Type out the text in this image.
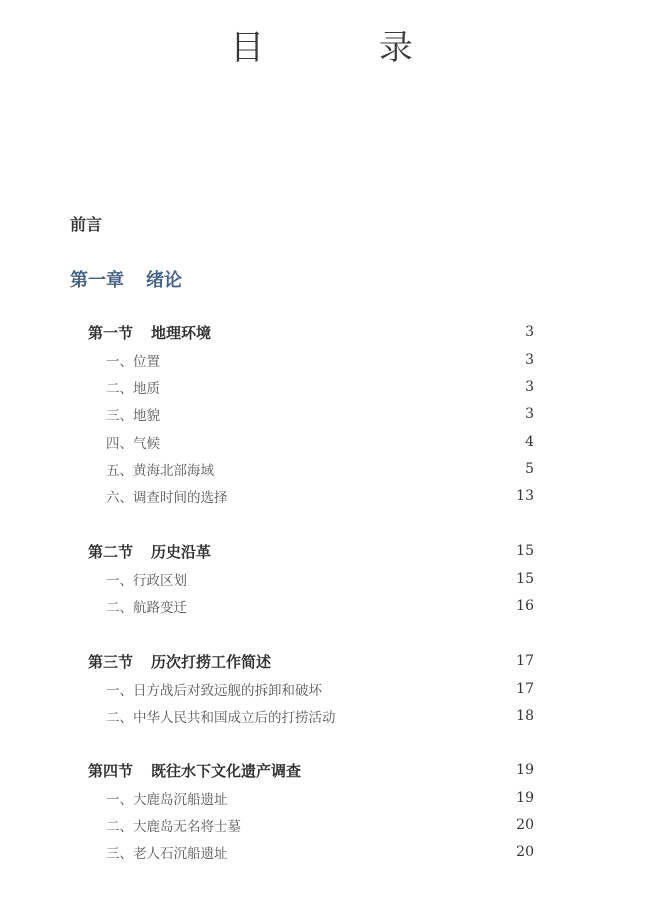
目 录
前言
第一章 绪论
第一节 地理环境	3
一、位置	3
二、地质	3
三、地貌	3
四、气候	4
五、黄海北部海域	5
六、调查时间的选择	13
第二节 历史沿革	15
一、行政区划	15
二、航路变迁	16
第三节 历次打捞工作简述	17
一、日方战后对致远舰的拆卸和破坏	17
二、中华人民共和国成立后的打捞活动	18
第四节 既往水下文化遗产调查	19
一、大鹿岛沉船遗址	19
二、大鹿岛无名将士墓	20
三、老人石沉船遗址	20
